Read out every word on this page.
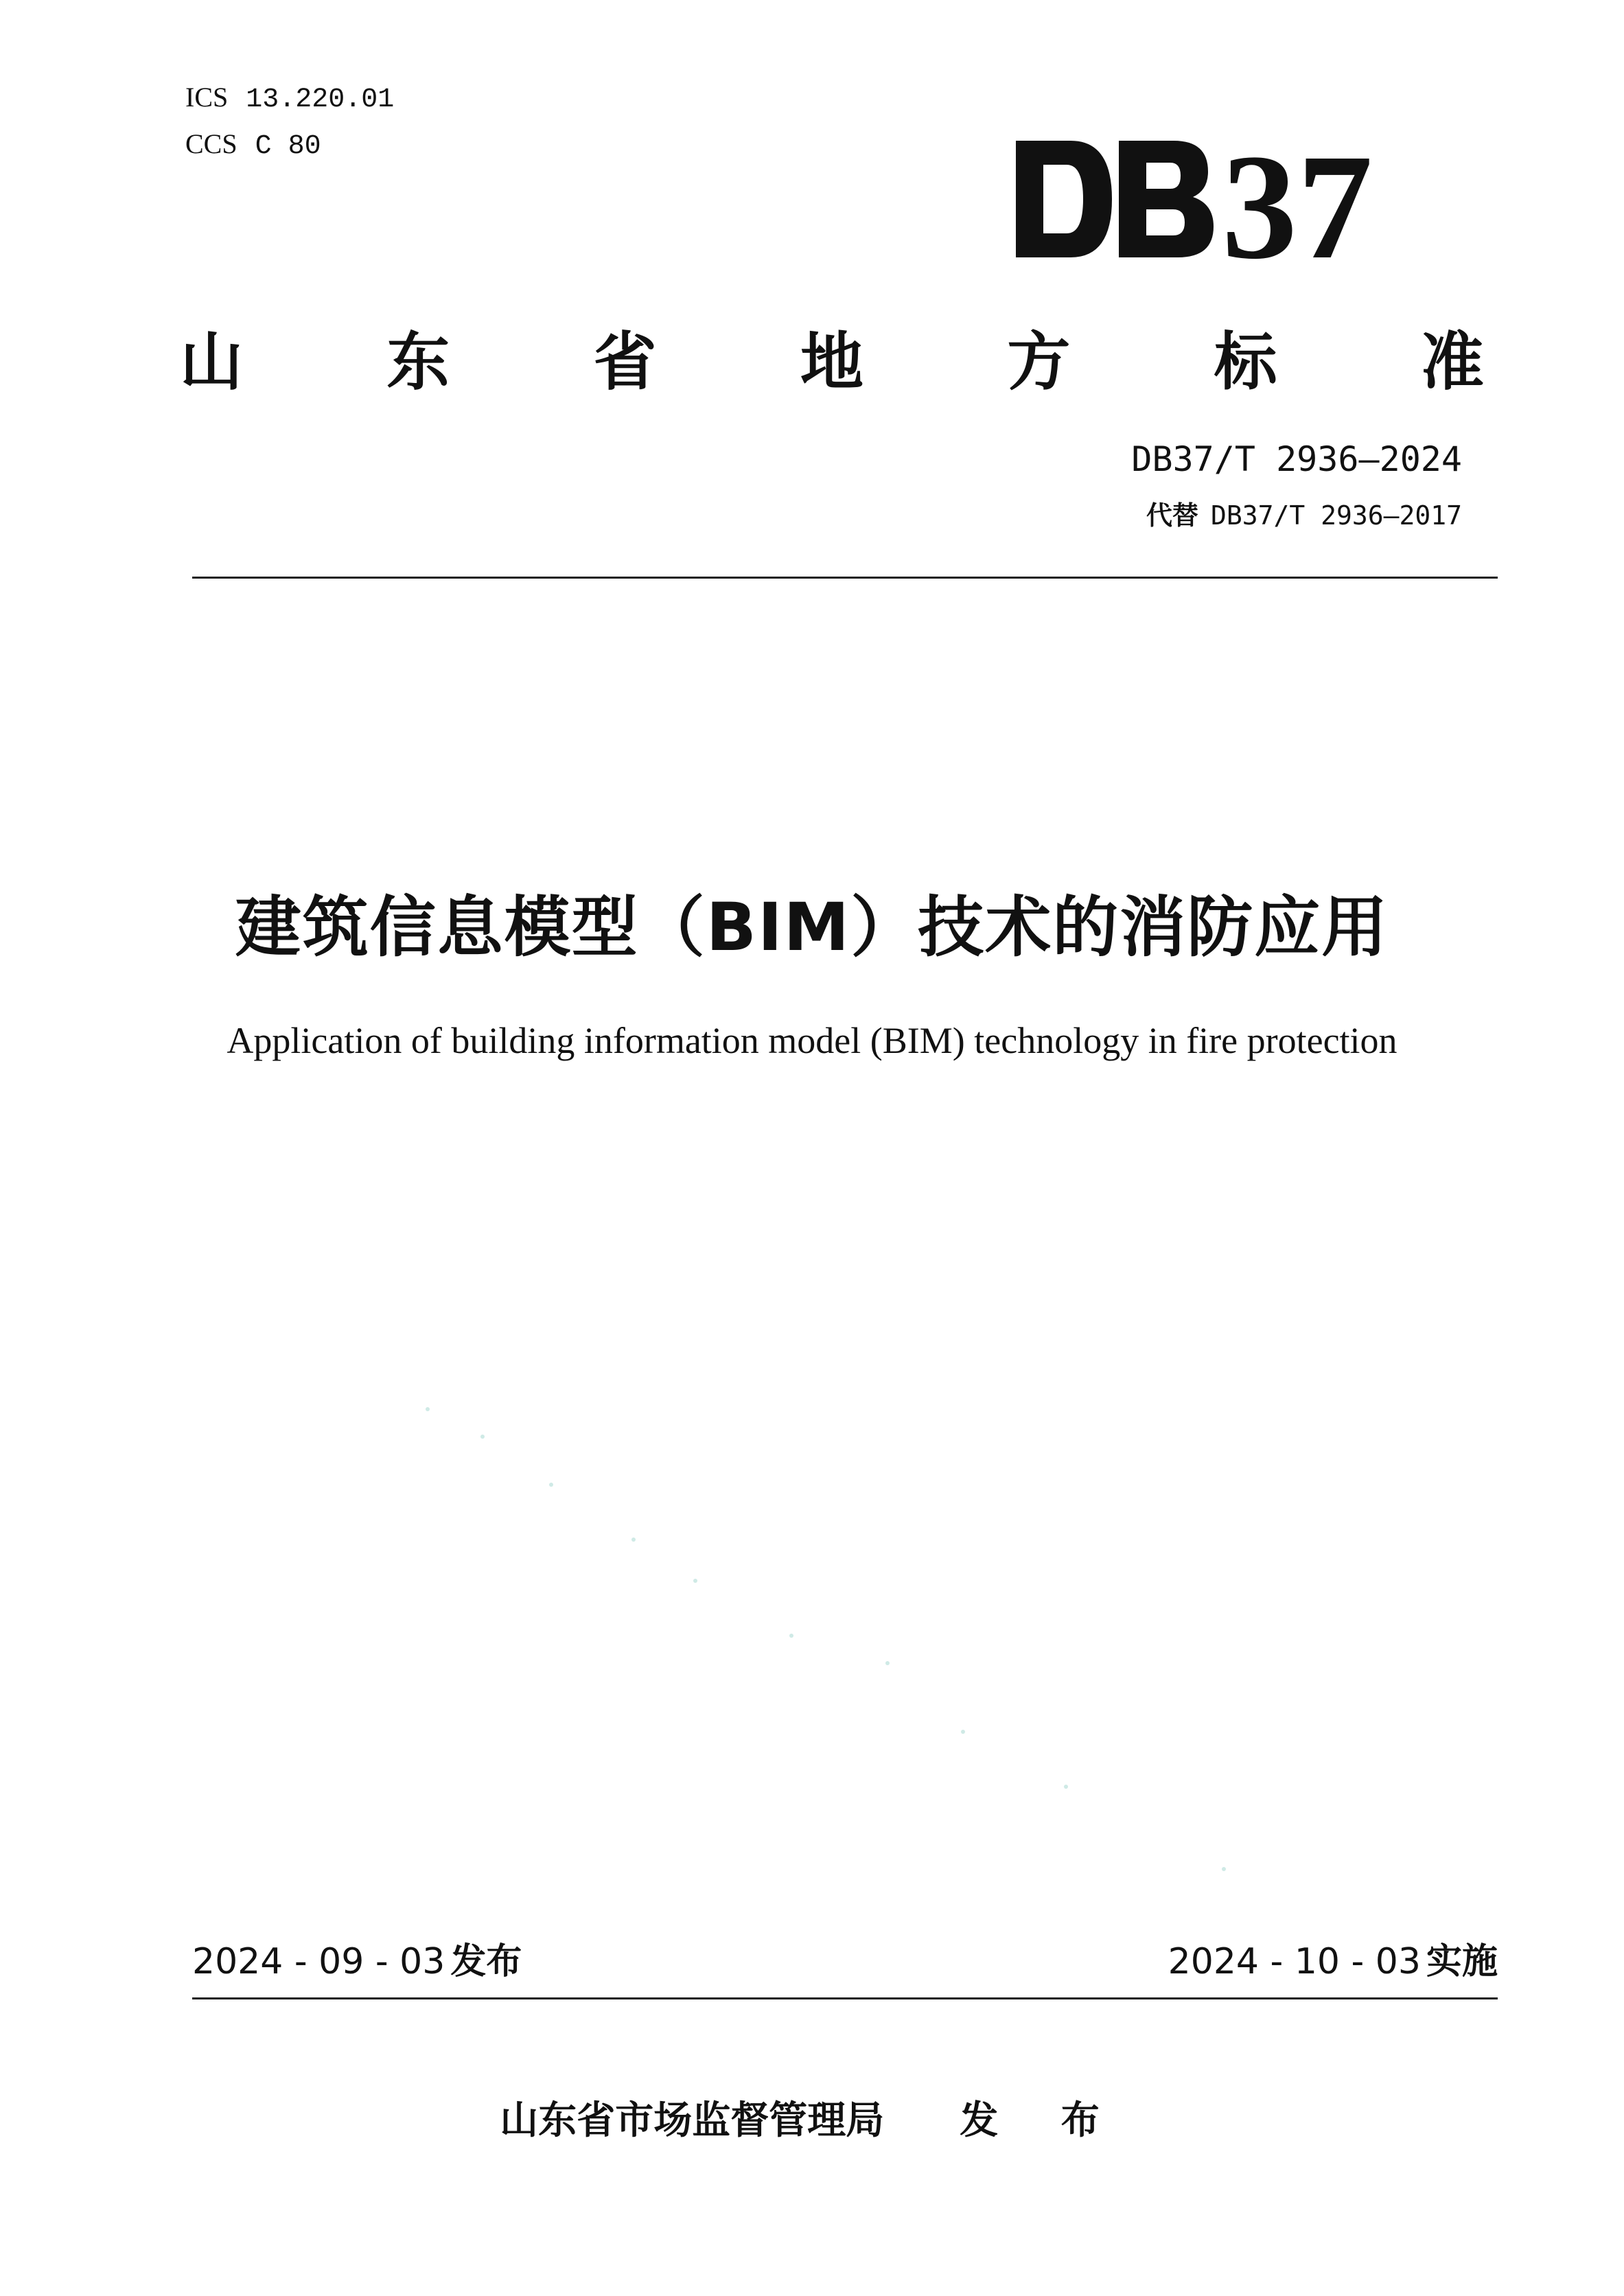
ICS 13.220.01
CCS C 80	37
山 东 省 地 方 标 准
DB37/T 2936—2024
代替 DB37/T 2936—2017
建筑信息模型（BIM）技术的消防应用
Application of building information model (BIM) technology in fire protection
2024 - 09 - 03 发布	2024 - 10 - 03 实施
山东省市场监督管理局 发 布
